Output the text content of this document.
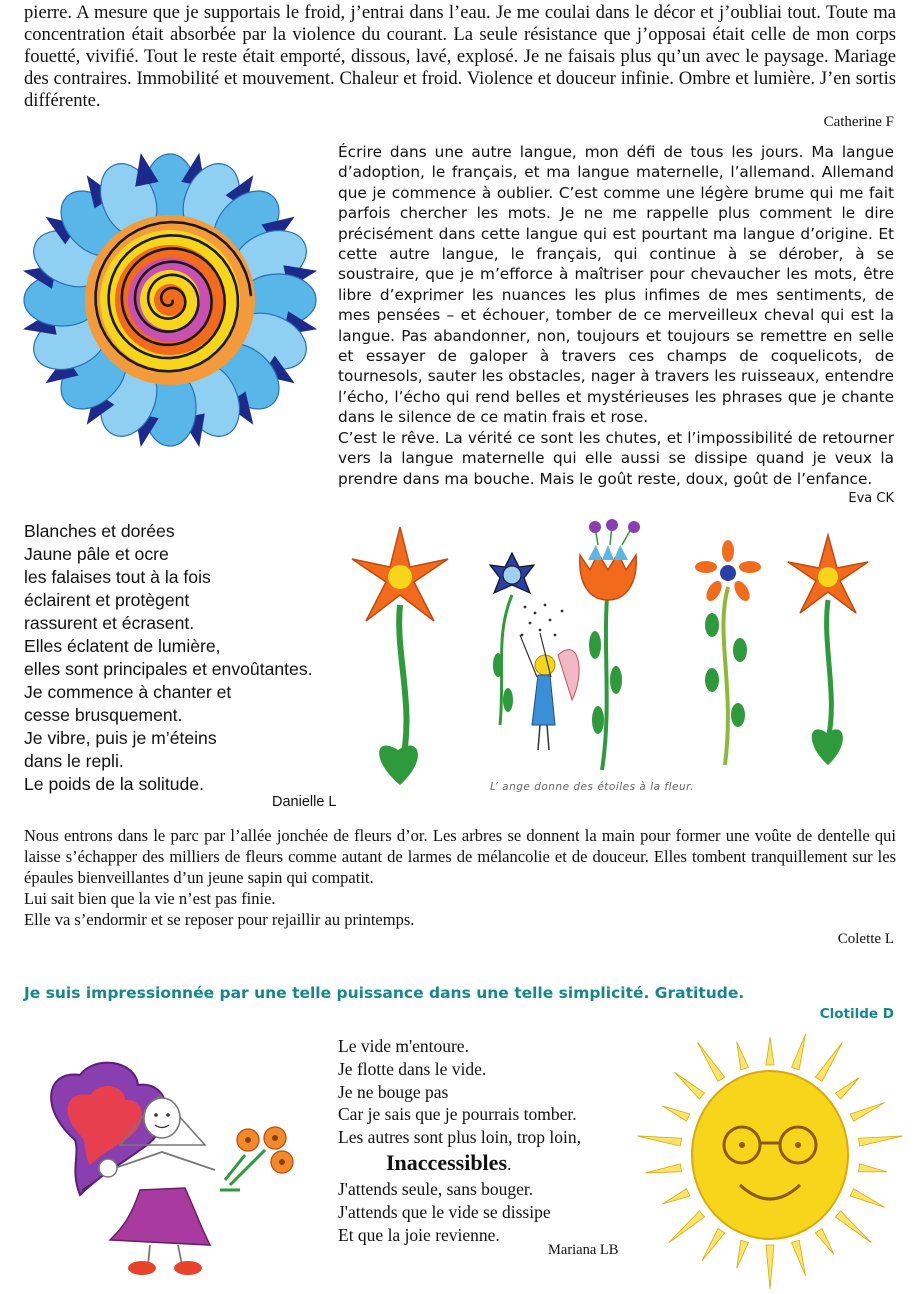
pierre. A mesure que je supportais le froid, j’entrai dans l’eau. Je me coulai dans le décor et j’oubliai tout. Toute ma concentration était absorbée par la violence du courant. La seule résistance que j’opposai était celle de mon corps fouetté, vivifié. Tout le reste était emporté, dissous, lavé, explosé. Je ne faisais plus qu’un avec le paysage. Mariage des contraires. Immobilité et mouvement. Chaleur et froid. Violence et douceur infinie. Ombre et lumière. J’en sortis différente.
Catherine F
Écrire dans une autre langue, mon défi de tous les jours. Ma langue d’adoption, le français, et ma langue maternelle, l’allemand. Allemand que je commence à oublier. C’est comme une légère brume qui me fait parfois chercher les mots. Je ne me rappelle plus comment le dire précisément dans cette langue qui est pourtant ma langue d’origine. Et cette autre langue, le français, qui continue à se dérober, à se soustraire, que je m’efforce à maîtriser pour chevaucher les mots, être libre d’exprimer les nuances les plus infimes de mes sentiments, de mes pensées – et échouer, tomber de ce merveilleux cheval qui est la langue. Pas abandonner, non, toujours et toujours se remettre en selle et essayer de galoper à travers ces champs de coquelicots, de tournesols, sauter les obstacles, nager à travers les ruisseaux, entendre l’écho, l’écho qui rend belles et mystérieuses les phrases que je chante dans le silence de ce matin frais et rose.
C’est le rêve. La vérité ce sont les chutes, et l’impossibilité de retourner vers la langue maternelle qui elle aussi se dissipe quand je veux la prendre dans ma bouche. Mais le goût reste, doux, goût de l’enfance.
Eva CK
Blanches et dorées
Jaune pâle et ocre
les falaises tout à la fois
éclairent et protègent
rassurent et écrasent.
Elles éclatent de lumière,
elles sont principales et envoûtantes.
Je commence à chanter et
cesse brusquement.
Je vibre, puis je m’éteins
dans le repli.
Le poids de la solitude.
Danielle L
L’ ange donne des étoiles à la fleur.
Nous entrons dans le parc par l’allée jonchée de fleurs d’or. Les arbres se donnent la main pour former une voûte de dentelle qui laisse s’échapper des milliers de fleurs comme autant de larmes de mélancolie et de douceur. Elles tombent tranquillement sur les épaules bienveillantes d’un jeune sapin qui compatit.
Lui sait bien que la vie n’est pas finie.
Elle va s’endormir et se reposer pour rejaillir au printemps.
Colette L
Je suis impressionnée par une telle puissance dans une telle simplicité. Gratitude.
Clotilde D
Le vide m'entoure.
Je flotte dans le vide.
Je ne bouge pas
Car je sais que je pourrais tomber.
Les autres sont plus loin, trop loin,
Inaccessibles.
J'attends seule, sans bouger.
J'attends que le vide se dissipe
Et que la joie revienne.
Mariana LB
